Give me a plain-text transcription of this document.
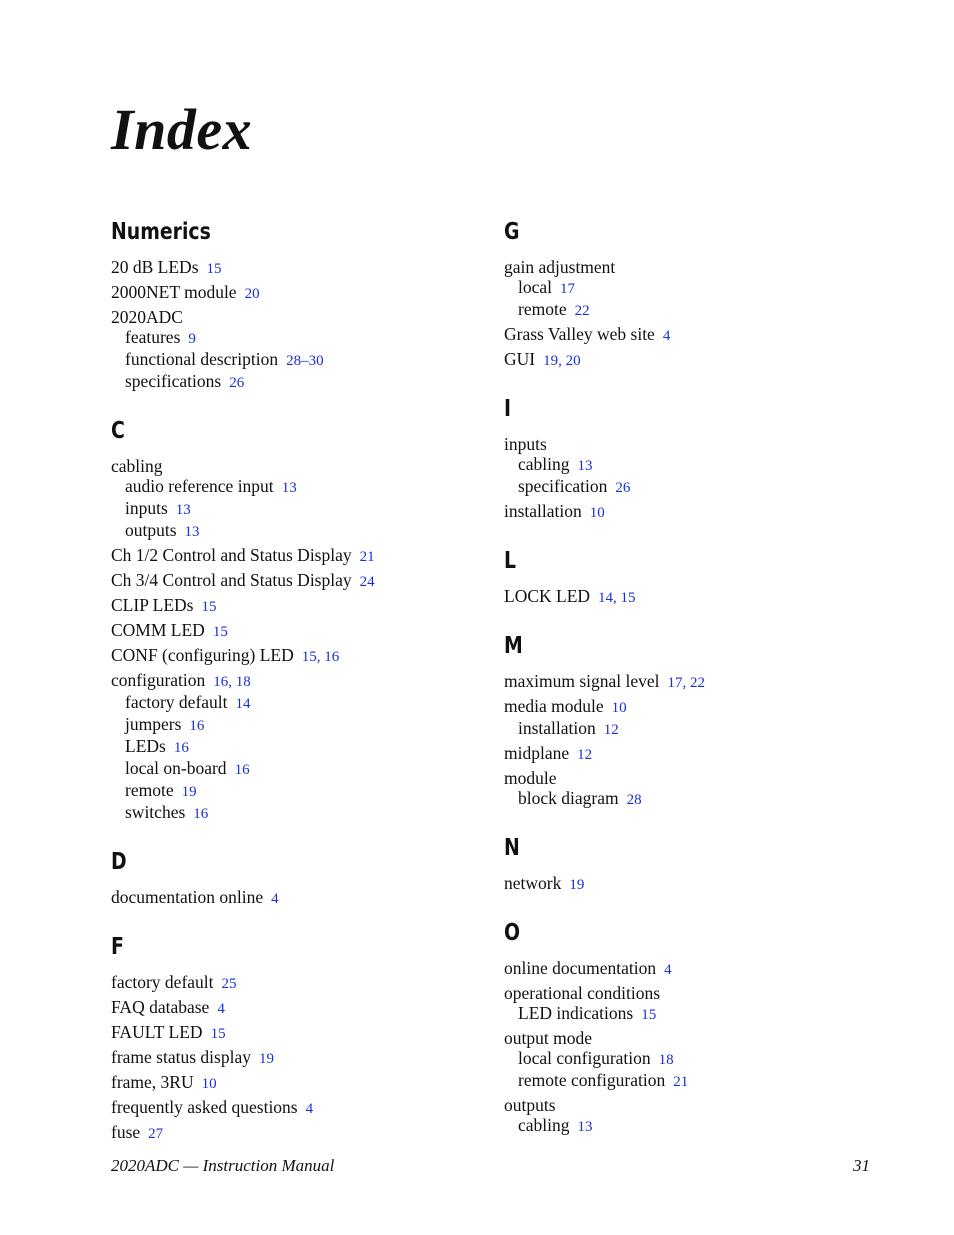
Index
Numerics
20 dB LEDs 15
2000NET module 20
2020ADC
features 9
functional description 28–30
specifications 26
C
cabling
audio reference input 13
inputs 13
outputs 13
Ch 1/2 Control and Status Display 21
Ch 3/4 Control and Status Display 24
CLIP LEDs 15
COMM LED 15
CONF (configuring) LED 15, 16
configuration 16, 18
factory default 14
jumpers 16
LEDs 16
local on-board 16
remote 19
switches 16
D
documentation online 4
F
factory default 25
FAQ database 4
FAULT LED 15
frame status display 19
frame, 3RU 10
frequently asked questions 4
fuse 27
G
gain adjustment
local 17
remote 22
Grass Valley web site 4
GUI 19, 20
I
inputs
cabling 13
specification 26
installation 10
L
LOCK LED 14, 15
M
maximum signal level 17, 22
media module 10
installation 12
midplane 12
module
block diagram 28
N
network 19
O
online documentation 4
operational conditions
LED indications 15
output mode
local configuration 18
remote configuration 21
outputs
cabling 13
2020ADC — Instruction Manual	31
